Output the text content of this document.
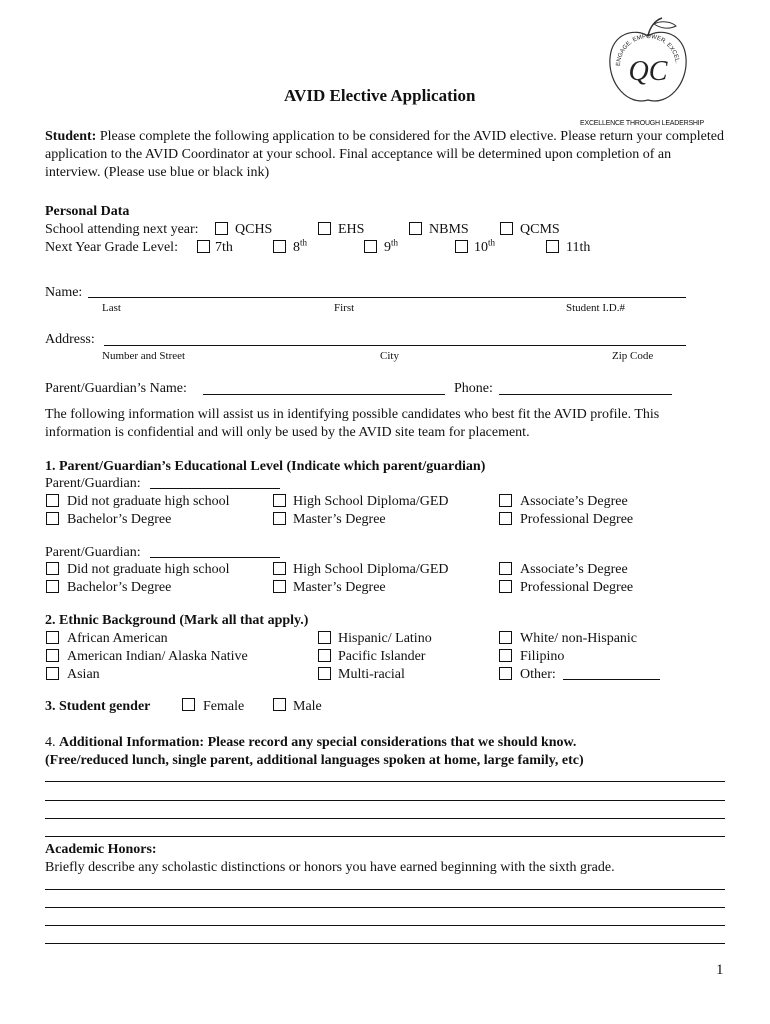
ENGAGE. EMPOWER. EXCEL.
QC
EXCELLENCE THROUGH LEADERSHIP
AVID Elective Application
Student: Please complete the following application to be considered for the AVID elective. Please return your completed application to the AVID Coordinator at your school. Final acceptance will be determined upon completion of an interview. (Please use blue or black ink)
Personal Data
School attending next year:	QCHS	EHS	NBMS	QCMS
Next Year Grade Level:	7th	8th	9th	10th	11th
Name:
Last	First	Student I.D.#
Address:
Number and Street	City	Zip Code
Parent/Guardian’s Name:	Phone:
The following information will assist us in identifying possible candidates who best fit the AVID profile. This information is confidential and will only be used by the AVID site team for placement.
1. Parent/Guardian’s Educational Level (Indicate which parent/guardian)
Parent/Guardian:
Did not graduate high school	High School Diploma/GED	Associate’s Degree
Bachelor’s Degree	Master’s Degree	Professional Degree
Parent/Guardian:
Did not graduate high school	High School Diploma/GED	Associate’s Degree
Bachelor’s Degree	Master’s Degree	Professional Degree
2. Ethnic Background (Mark all that apply.)
African American	Hispanic/ Latino	White/ non-Hispanic
American Indian/ Alaska Native	Pacific Islander	Filipino
Asian	Multi-racial	Other:
3. Student gender	Female	Male
4. Additional Information: Please record any special considerations that we should know.
(Free/reduced lunch, single parent, additional languages spoken at home, large family, etc)
Academic Honors:
Briefly describe any scholastic distinctions or honors you have earned beginning with the sixth grade.
1
